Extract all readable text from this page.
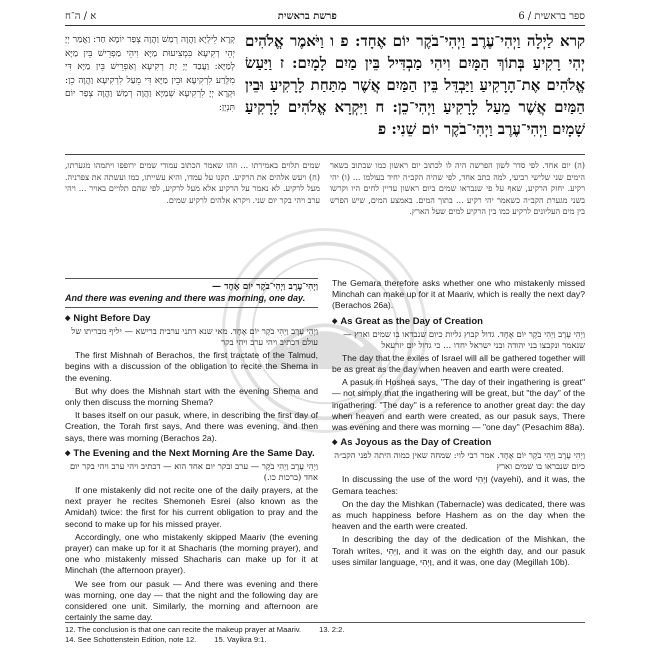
א / ה־ח	פרשת בראשית	ספר בראשית / 6
קְרָא לֵילְיָא וַהֲוָה רְמַשׁ וַהֲוָה צְפַר יוֹמָא חַד: וַאֲמַר יְיָ יְהֵי רְקִיעָא בִּמְצִיעוּת מַיָּא וִיהֵי מַפְרֵישׁ בֵּין מַיָּא לְמַיָּא: וַעֲבַד יְיָ יָת רְקִיעָא וְאַפְרֵישׁ בֵּין מַיָּא דִּי מִלְּרַע לִרְקִיעָא וּבֵין מַיָּא דִּי מֵעַל לִרְקִיעָא וַהֲוָה כֵן: וּקְרָא יְיָ לִרְקִיעָא שְׁמַיָּא וַהֲוָה רְמַשׁ וַהֲוָה צְפַר יוֹם תִּנְיָן:
קרא לַיְלָה וַיְהִי־עֶרֶב וַיְהִי־בֹקֶר יוֹם אֶחָד: פ ו וַיֹּאמֶר אֱלֹהִים יְהִי רָקִיעַ בְּתוֹךְ הַמָּיִם וִיהִי מַבְדִּיל בֵּין מַיִם לָמָיִם: ז וַיַּעַשׂ אֱלֹהִים אֶת־הָרָקִיעַ וַיַּבְדֵּל בֵּין הַמַּיִם אֲשֶׁר מִתַּחַת לָרָקִיעַ וּבֵין הַמַּיִם אֲשֶׁר מֵעַל לָרָקִיעַ וַיְהִי־כֵן: ח וַיִּקְרָא אֱלֹהִים לָרָקִיעַ שָׁמָיִם וַיְהִי־עֶרֶב וַיְהִי־בֹקֶר יוֹם שֵׁנִי: פ
(ה) יום אחד. לפי סדר לשון הפרשה היה לו לכתוב יום ראשון כמו שכתוב בשאר הימים שני שלישי רביעי, למה כתב אחד, לפי שהיה הקב״ה יחיד בעולמו ... (ו) יהי רקיע. יחזק הרקיע, שאף על פי שנבראו שמים ביום ראשון עדיין לחים היו וקרשו בשני מגערת הקב״ה כשאמר יהי רקיע ... בתוך המים. באמצע המים, שיש הפרש בין מים העליונים לרקיע כמו בין הרקיע למים שעל הארץ.
שמים תלוים באמירתו ... וזהו שאמר הכתוב עמודי שמים ירופפו ויתמהו מגערתו, (ח) ויעש אלהים את הרקיע. תקנו על עמדו, והיא עשייתו, כמו ועשתה את צפרניה. מעל לרקיע. לא נאמר על הרקיע אלא מעל לרקיע, לפי שהם תלויים באויר ... ויהי ערב ויהי בקר יום שני. ויקרא אלהים לרקיע שמים.
וַיְהִי־עֶרֶב וַיְהִי־בֹקֶר יוֹם אֶחָד —
And there was evening and there was morning, one day.
◆ Night Before Day
וַיְהִי עֶרֶב וַיְהִי בֹקֶר יוֹם אֶחָד. מאי שנא דתני ערבית ברישא — יליף מבריתו של עולם דכתיב ויהי ערב ויהי בקר
The first Mishnah of Berachos, the first tractate of the Talmud, begins with a discussion of the obligation to recite the Shema in the evening.
But why does the Mishnah start with the evening Shema and only then discuss the morning Shema?
It bases itself on our pasuk, where, in describing the first day of Creation, the Torah first says, And there was evening, and then says, there was morning (Berachos 2a).
◆ The Evening and the Next Morning Are the Same Day.
וַיְהִי עֶרֶב וַיְהִי בֹקֶר — ערב ובקר יום אחד הוא — דכתיב ויהי ערב ויהי בקר יום אחד (ברכות כו.)
If one mistakenly did not recite one of the daily prayers, at the next prayer he recites Shemoneh Esrei (also known as the Amidah) twice: the first for his current obligation to pray and the second to make up for his missed prayer.
Accordingly, one who mistakenly skipped Maariv (the evening prayer) can make up for it at Shacharis (the morning prayer), and one who mistakenly missed Shacharis can make up for it at Minchah (the afternoon prayer).
We see from our pasuk — And there was evening and there was morning, one day — that the night and the following day are considered one unit. Similarly, the morning and afternoon are certainly the same day.
The Gemara therefore asks whether one who mistakenly missed Minchah can make up for it at Maariv, which is really the next day? (Berachos 26a).
◆ As Great as the Day of Creation
וַיְהִי עֶרֶב וַיְהִי בֹקֶר יוֹם אֶחָד. גדול קבוץ גליות כיום שנבראו בו שמים וארץ — שנאמר ונקבצו בני יהודה ובני ישראל יחדו ... כי גדול יום יזרעאל
The day that the exiles of Israel will all be gathered together will be as great as the day when heaven and earth were created.
A pasuk in Hoshea says, "The day of their ingathering is great" — not simply that the ingathering will be great, but "the day" of the ingathering. "The day" is a reference to another great day: the day when heaven and earth were created, as our pasuk says, There was evening and there was morning — "one day" (Pesachim 88a).
◆ As Joyous as the Day of Creation
וַיְהִי עֶרֶב וַיְהִי בֹקֶר יוֹם אֶחָד. אמר רבי לוי: שמחה שאין כמוה היתה לפני הקב״ה כיום שנבראו בו שמים וארץ
In discussing the use of the word וַיְהִי (vayehi), and it was, the Gemara teaches:
On the day the Mishkan (Tabernacle) was dedicated, there was as much happiness before Hashem as on the day when the heaven and the earth were created.
In describing the day of the dedication of the Mishkan, the Torah writes, וַיְהִי, and it was on the eighth day, and our pasuk uses similar language, וַיְהִי, and it was, one day (Megillah 10b).
12. The conclusion is that one can recite the makeup prayer at Maariv. 13. 2:2.
14. See Schottenstein Edition, note 12. 15. Vayikra 9:1.
